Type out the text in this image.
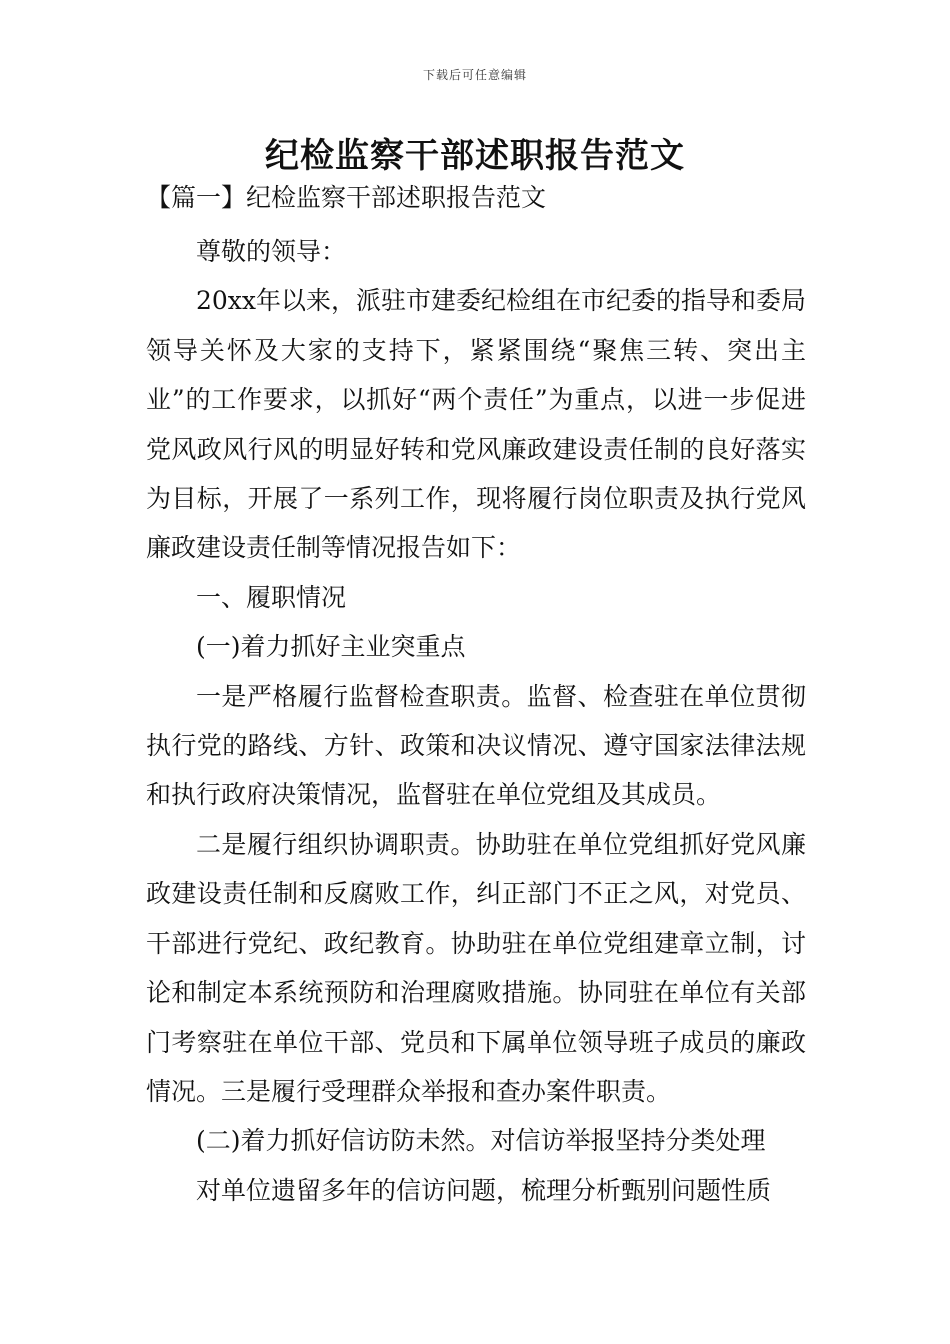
下载后可任意编辑
纪检监察干部述职报告范文
【篇一】纪检监察干部述职报告范文

尊敬的领导：

20xx年以来，派驻市建委纪检组在市纪委的指导和委局领导关怀及大家的支持下，紧紧围绕“聚焦三转、突出主业”的工作要求，以抓好“两个责任”为重点，以进一步促进党风政风行风的明显好转和党风廉政建设责任制的良好落实为目标，开展了一系列工作，现将履行岗位职责及执行党风廉政建设责任制等情况报告如下：

一、履职情况

(一)着力抓好主业突重点

一是严格履行监督检查职责。监督、检查驻在单位贯彻执行党的路线、方针、政策和决议情况、遵守国家法律法规和执行政府决策情况，监督驻在单位党组及其成员。

二是履行组织协调职责。协助驻在单位党组抓好党风廉政建设责任制和反腐败工作，纠正部门不正之风，对党员、干部进行党纪、政纪教育。协助驻在单位党组建章立制，讨论和制定本系统预防和治理腐败措施。协同驻在单位有关部门考察驻在单位干部、党员和下属单位领导班子成员的廉政情况。三是履行受理群众举报和查办案件职责。

(二)着力抓好信访防未然。对信访举报坚持分类处理

对单位遗留多年的信访问题，梳理分析甄别问题性质
